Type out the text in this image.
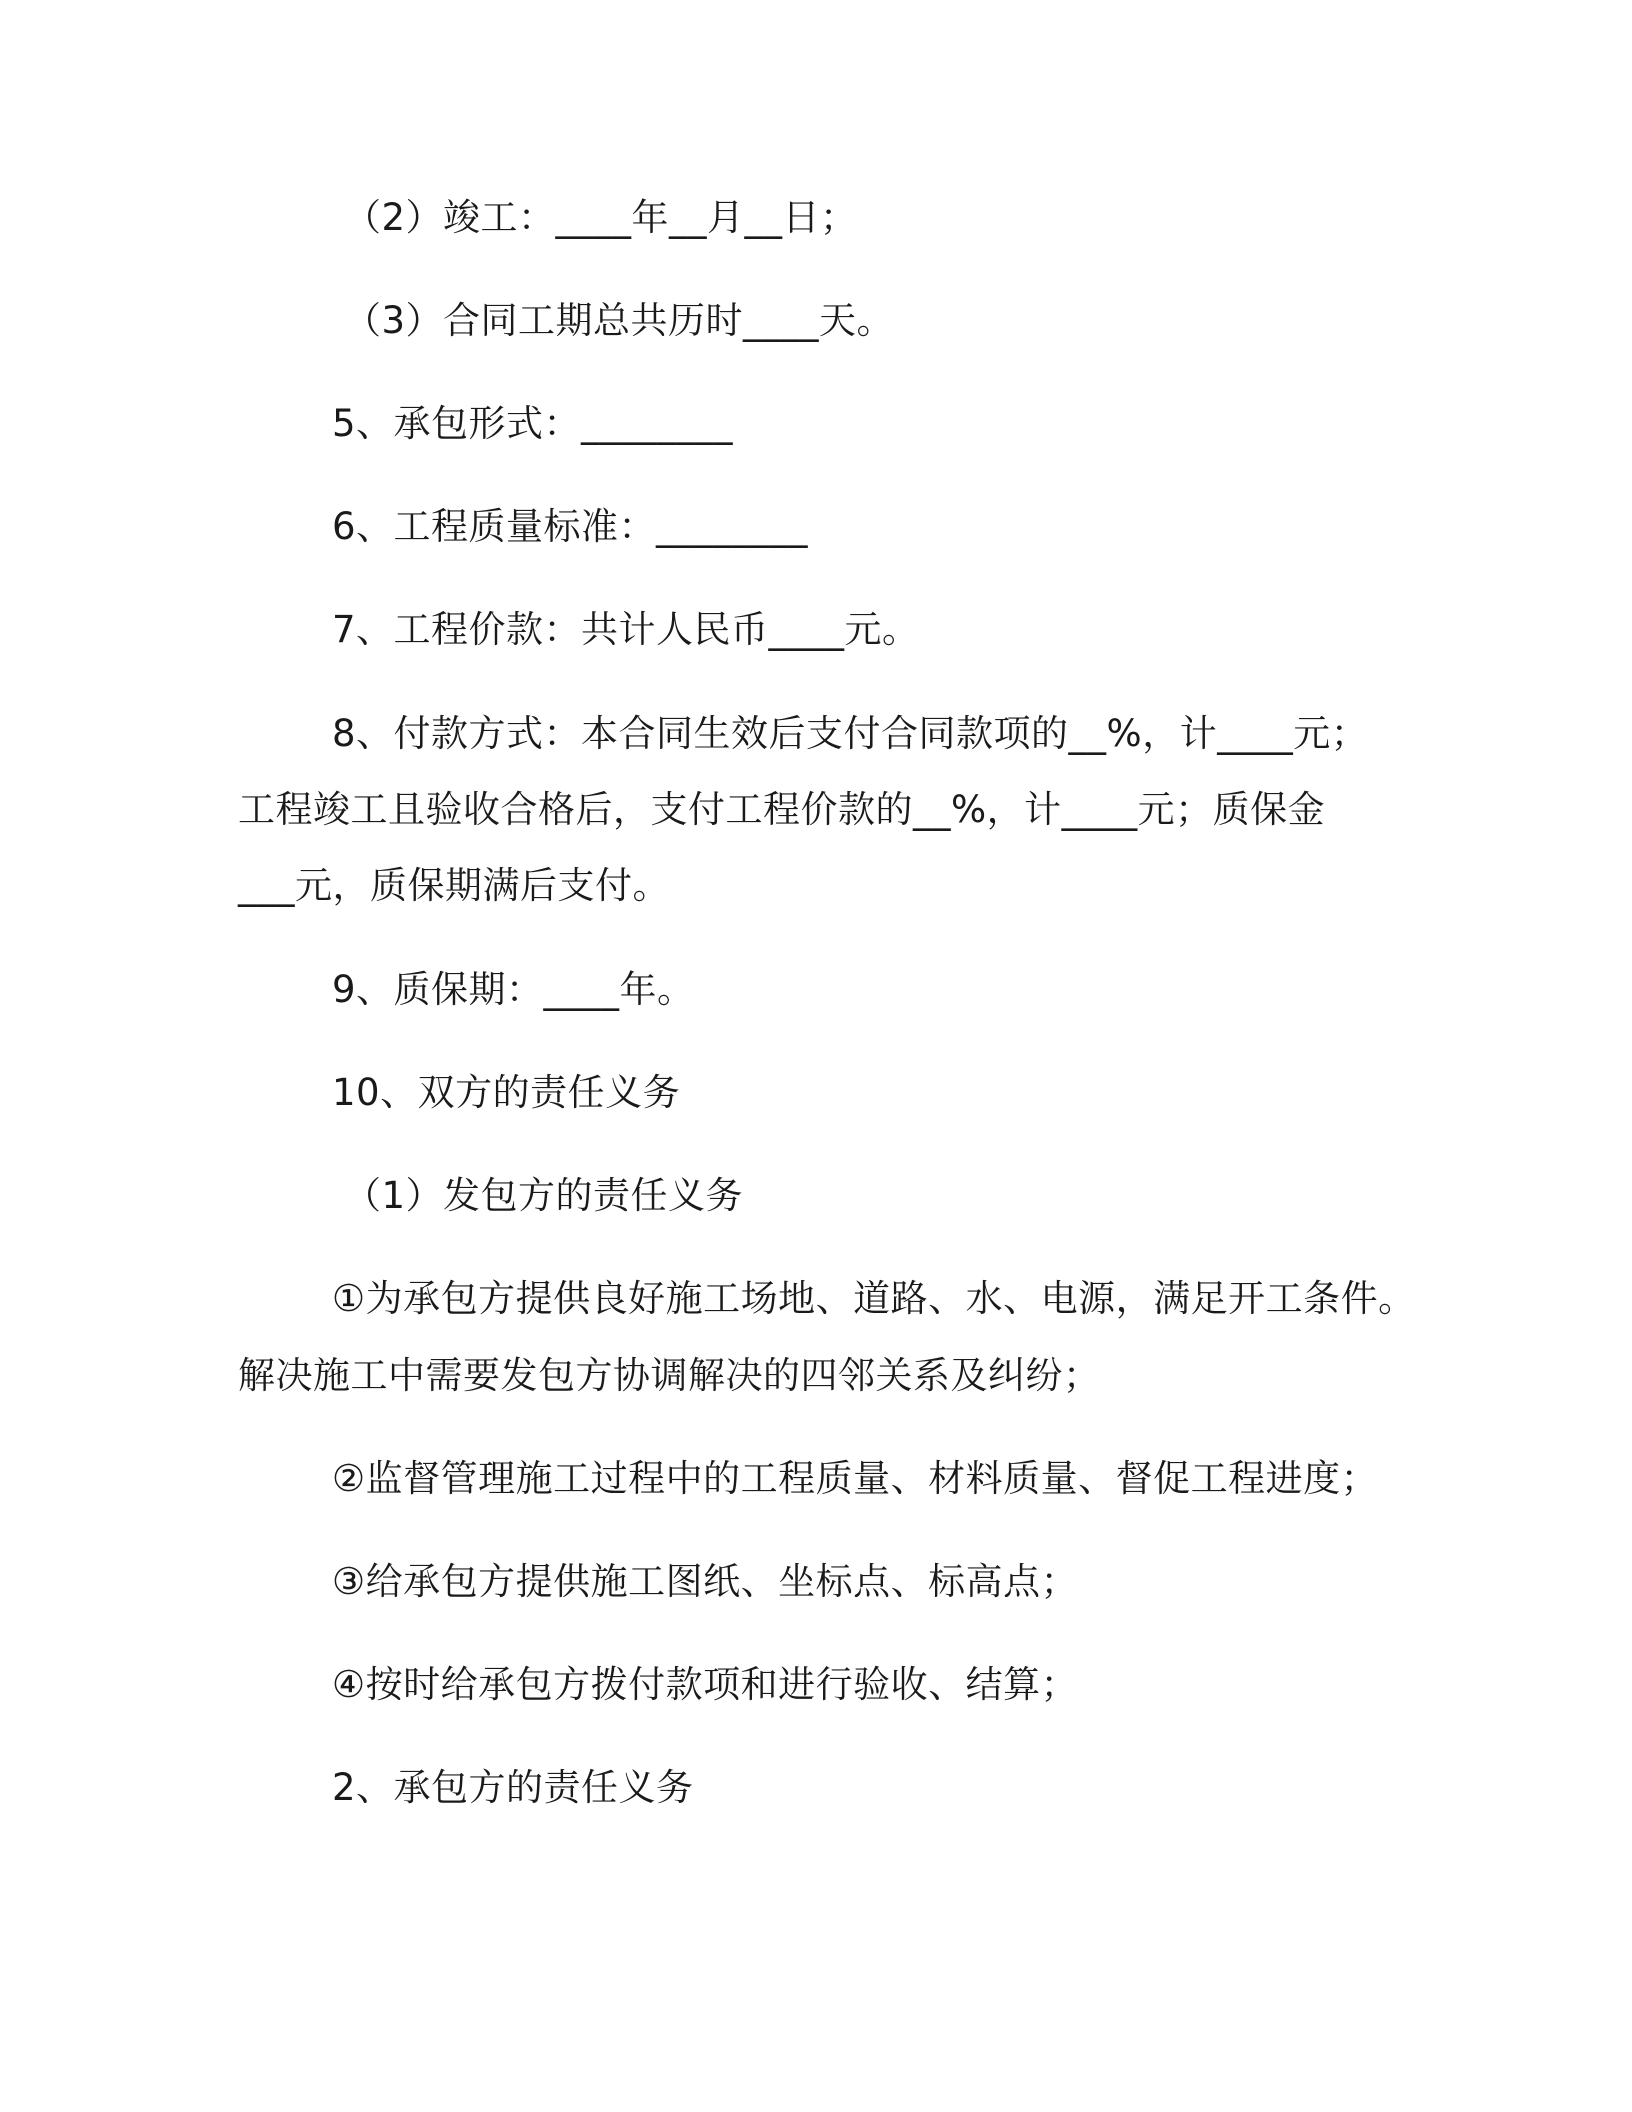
（2）竣工：____年__月__日；
（3）合同工期总共历时____天。
5、承包形式：________
6、工程质量标准：________
7、工程价款：共计人民币____元。
8、付款方式：本合同生效后支付合同款项的__%，计____元；
工程竣工且验收合格后，支付工程价款的__%，计____元；质保金
___元，质保期满后支付。
9、质保期：____年。
10、双方的责任义务
（1）发包方的责任义务
①为承包方提供良好施工场地、道路、水、电源，满足开工条件。
解决施工中需要发包方协调解决的四邻关系及纠纷；
②监督管理施工过程中的工程质量、材料质量、督促工程进度；
③给承包方提供施工图纸、坐标点、标高点；
④按时给承包方拨付款项和进行验收、结算；
2、承包方的责任义务
